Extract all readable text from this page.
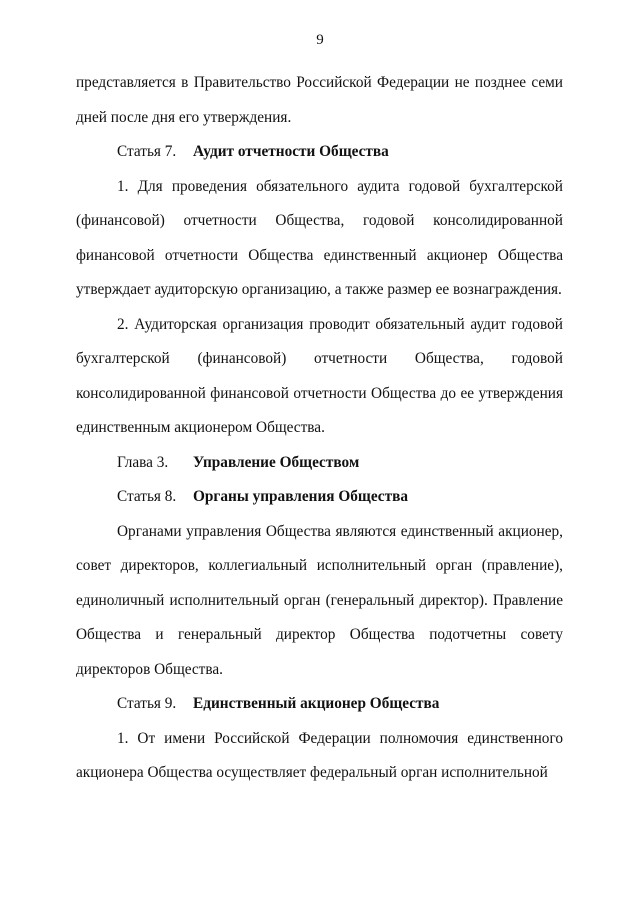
9

представляется в Правительство Российской Федерации не позднее семи дней после дня его утверждения.

Статья 7. Аудит отчетности Общества

1. Для проведения обязательного аудита годовой бухгалтерской (финансовой) отчетности Общества, годовой консолидированной финансовой отчетности Общества единственный акционер Общества утверждает аудиторскую организацию, а также размер ее вознаграждения.

2. Аудиторская организация проводит обязательный аудит годовой бухгалтерской (финансовой) отчетности Общества, годовой консолидированной финансовой отчетности Общества до ее утверждения единственным акционером Общества.

Глава 3. Управление Обществом
Статья 8. Органы управления Общества

Органами управления Общества являются единственный акционер, совет директоров, коллегиальный исполнительный орган (правление), единоличный исполнительный орган (генеральный директор). Правление Общества и генеральный директор Общества подотчетны совету директоров Общества.

Статья 9. Единственный акционер Общества

1. От имени Российской Федерации полномочия единственного акционера Общества осуществляет федеральный орган исполнительной
